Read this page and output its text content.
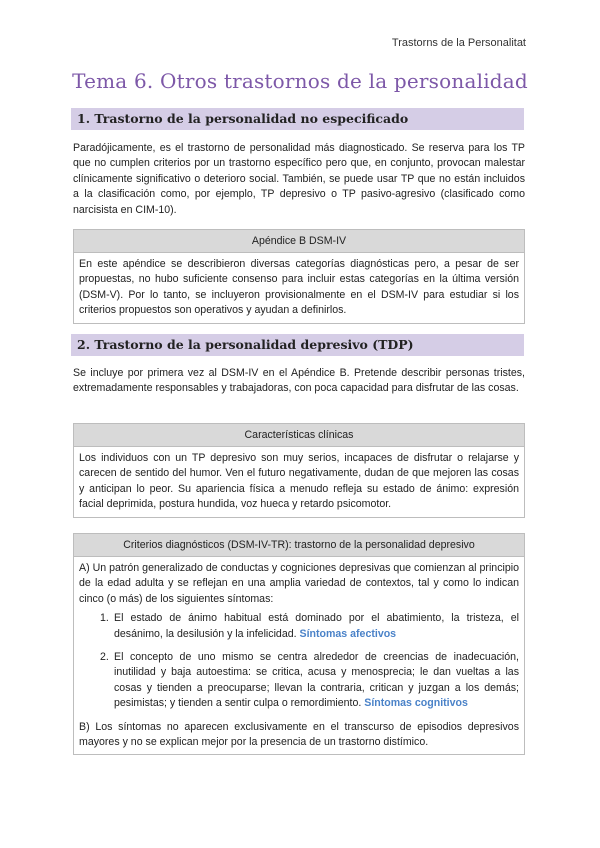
Trastorns de la Personalitat
Tema 6. Otros trastornos de la personalidad
1. Trastorno de la personalidad no especificado
Paradójicamente, es el trastorno de personalidad más diagnosticado. Se reserva para los TP que no cumplen criterios por un trastorno específico pero que, en conjunto, provocan malestar clínicamente significativo o deterioro social. También, se puede usar TP que no están incluidos a la clasificación como, por ejemplo, TP depresivo o TP pasivo-agresivo (clasificado como narcisista en CIM-10).
Apéndice B DSM-IV
En este apéndice se describieron diversas categorías diagnósticas pero, a pesar de ser propuestas, no hubo suficiente consenso para incluir estas categorías en la última versión (DSM-V). Por lo tanto, se incluyeron provisionalmente en el DSM-IV para estudiar si los criterios propuestos son operativos y ayudan a definirlos.
2. Trastorno de la personalidad depresivo (TDP)
Se incluye por primera vez al DSM-IV en el Apéndice B. Pretende describir personas tristes, extremadamente responsables y trabajadoras, con poca capacidad para disfrutar de las cosas.
Características clínicas
Los individuos con un TP depresivo son muy serios, incapaces de disfrutar o relajarse y carecen de sentido del humor. Ven el futuro negativamente, dudan de que mejoren las cosas y anticipan lo peor. Su apariencia física a menudo refleja su estado de ánimo: expresión facial deprimida, postura hundida, voz hueca y retardo psicomotor.
Criterios diagnósticos (DSM-IV-TR): trastorno de la personalidad depresivo
A) Un patrón generalizado de conductas y cogniciones depresivas que comienzan al principio de la edad adulta y se reflejan en una amplia variedad de contextos, tal y como lo indican cinco (o más) de los siguientes síntomas:
1. El estado de ánimo habitual está dominado por el abatimiento, la tristeza, el desánimo, la desilusión y la infelicidad. Síntomas afectivos
2. El concepto de uno mismo se centra alrededor de creencias de inadecuación, inutilidad y baja autoestima: se critica, acusa y menosprecia; le dan vueltas a las cosas y tienden a preocuparse; llevan la contraria, critican y juzgan a los demás; pesimistas; y tienden a sentir culpa o remordimiento. Síntomas cognitivos
B) Los síntomas no aparecen exclusivamente en el transcurso de episodios depresivos mayores y no se explican mejor por la presencia de un trastorno distímico.
